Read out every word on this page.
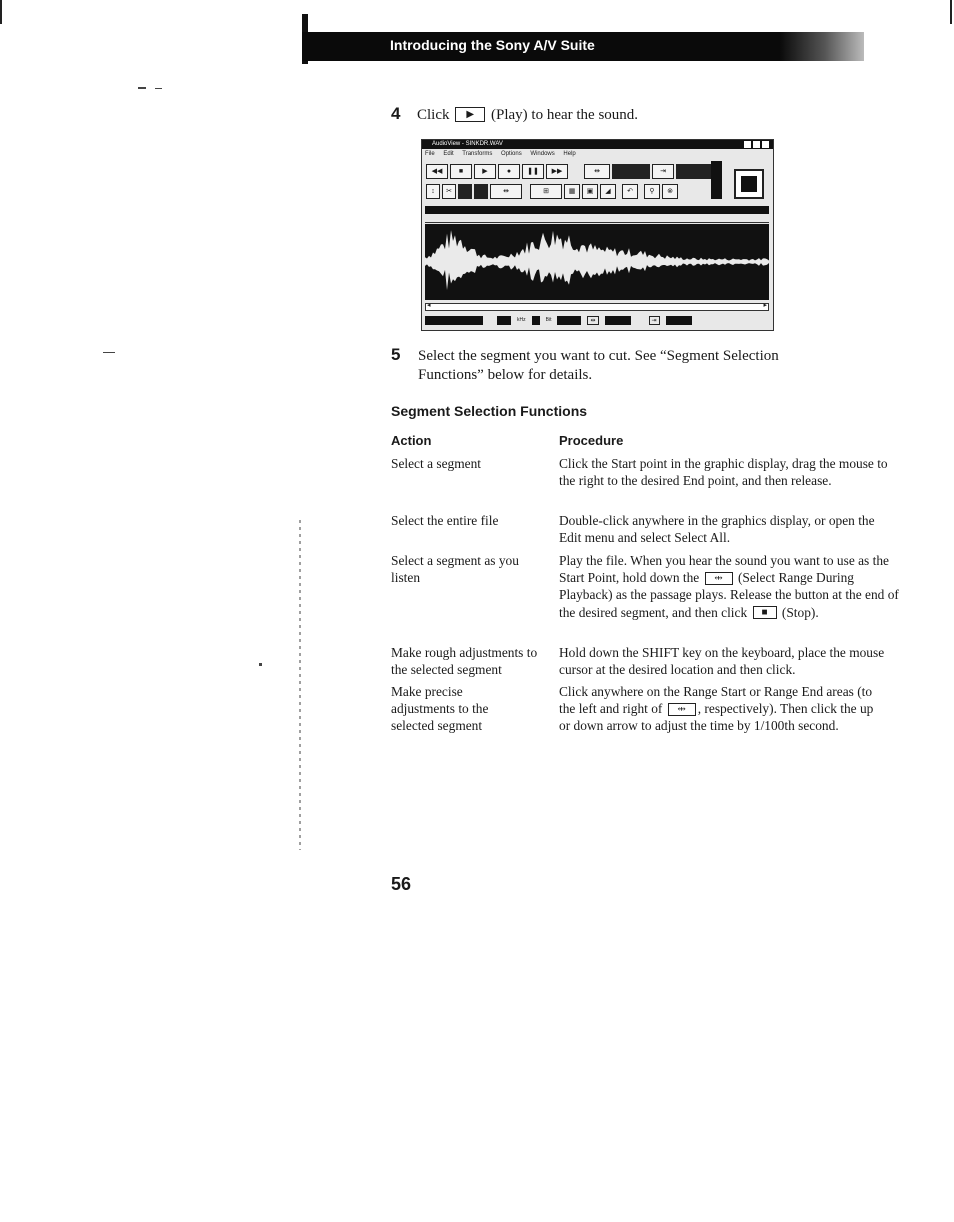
Introducing the Sony A/V Suite
4 Click	▶	(Play) to hear the sound.
AudioView - SINKDR.WAV
File Edit Transforms Options Windows Help
◀◀	■	▶	●	❚❚	▶▶	⇹	⇥
↕	✂	⇹	⊞	▦	▣	◢	↶	⚲	⊗
◂	▸
kHz	Bit	⇹	⇥
5 Select the segment you want to cut. See “Segment Selection Functions” below for details.
Segment Selection Functions
Action	Procedure
Select a segment	Click the Start point in the graphic display, drag the mouse to the right to the desired End point, and then release.
Select the entire file	Double-click anywhere in the graphics display, or open the Edit menu and select Select All.
Select a segment as you listen
Play the file. When you hear the sound you want to use as the Start Point, hold down the	⇹	(Select Range During Playback) as the passage plays. Release the button at the end of the desired segment, and then click	■	(Stop).
Make rough adjustments to the selected segment
Hold down the SHIFT key on the keyboard, place the mouse cursor at the desired location and then click.
Make precise adjustments to the selected segment
Click anywhere on the Range Start or Range End areas (to the left and right of	⇹ , respectively). Then click the up or down arrow to adjust the time by 1/100th second.
56
